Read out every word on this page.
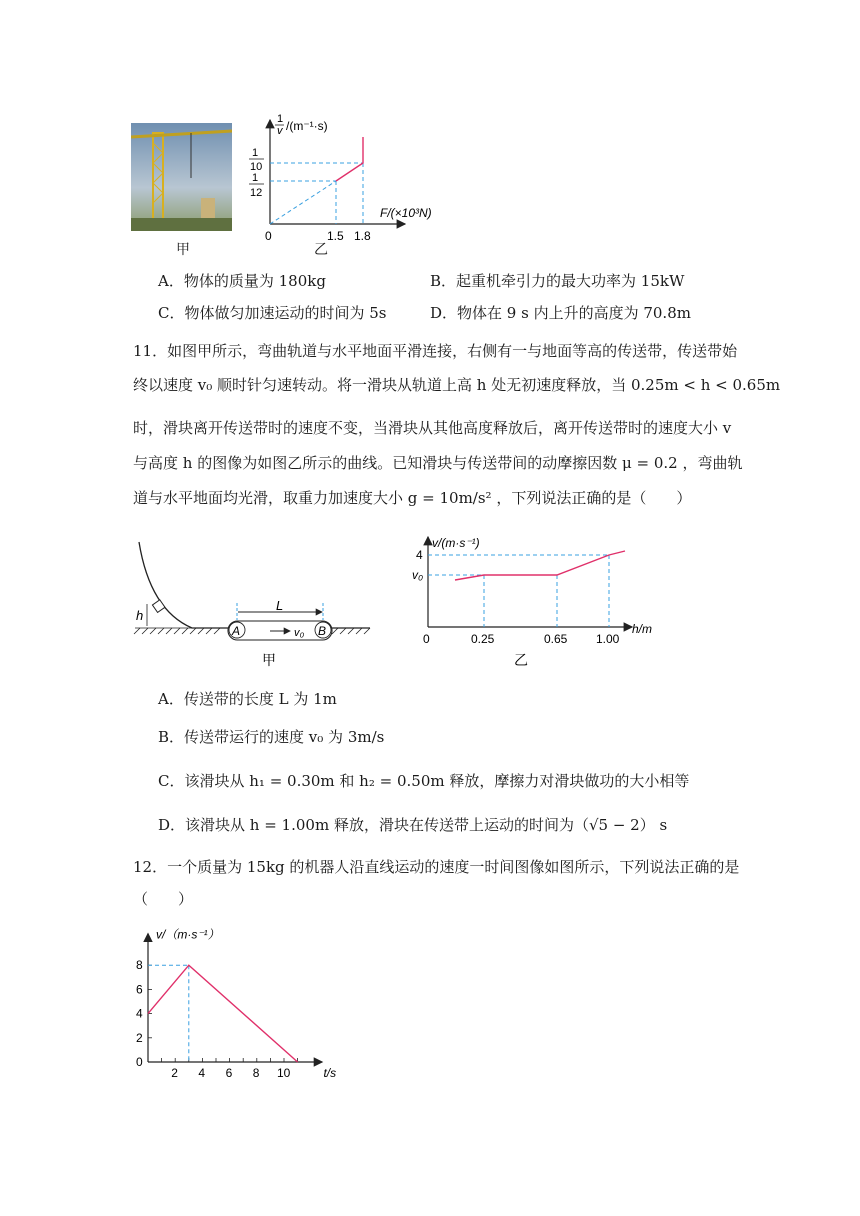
甲
1
v /(m⁻¹·s)
1
10
1
12
F/(×10³N)
0	1.5 1.8
乙
A．物体的质量为 180kg	B．起重机牵引力的最大功率为 15kW
C．物体做匀加速运动的时间为 5s	D．物体在 9 s 内上升的高度为 70.8m
11．如图甲所示，弯曲轨道与水平地面平滑连接，右侧有一与地面等高的传送带，传送带始
终以速度 v₀ 顺时针匀速转动。将一滑块从轨道上高 h 处无初速度释放，当 0.25m < h < 0.65m
时，滑块离开传送带时的速度不变，当滑块从其他高度释放后，离开传送带时的速度大小 v
与高度 h 的图像为如图乙所示的曲线。已知滑块与传送带间的动摩擦因数 μ = 0.2 ，弯曲轨
道与水平地面均光滑，取重力加速度大小 g = 10m/s² ，下列说法正确的是（　　）
h
A	B
v₀
L
甲
v/(m·s⁻¹)
4
v₀
h/m
0	0.25	0.65 1.00
乙
A．传送带的长度 L 为 1m
B．传送带运行的速度 v₀ 为 3m/s
C．该滑块从 h₁ = 0.30m 和 h₂ = 0.50m 释放，摩擦力对滑块做功的大小相等
D．该滑块从 h = 1.00m 释放，滑块在传送带上运动的时间为（√5 − 2） s
12．一个质量为 15kg 的机器人沿直线运动的速度一时间图像如图所示，下列说法正确的是
（　　）
0
2
4
6
8
2 4 6 8 10
v/（m·s⁻¹）
t/s
